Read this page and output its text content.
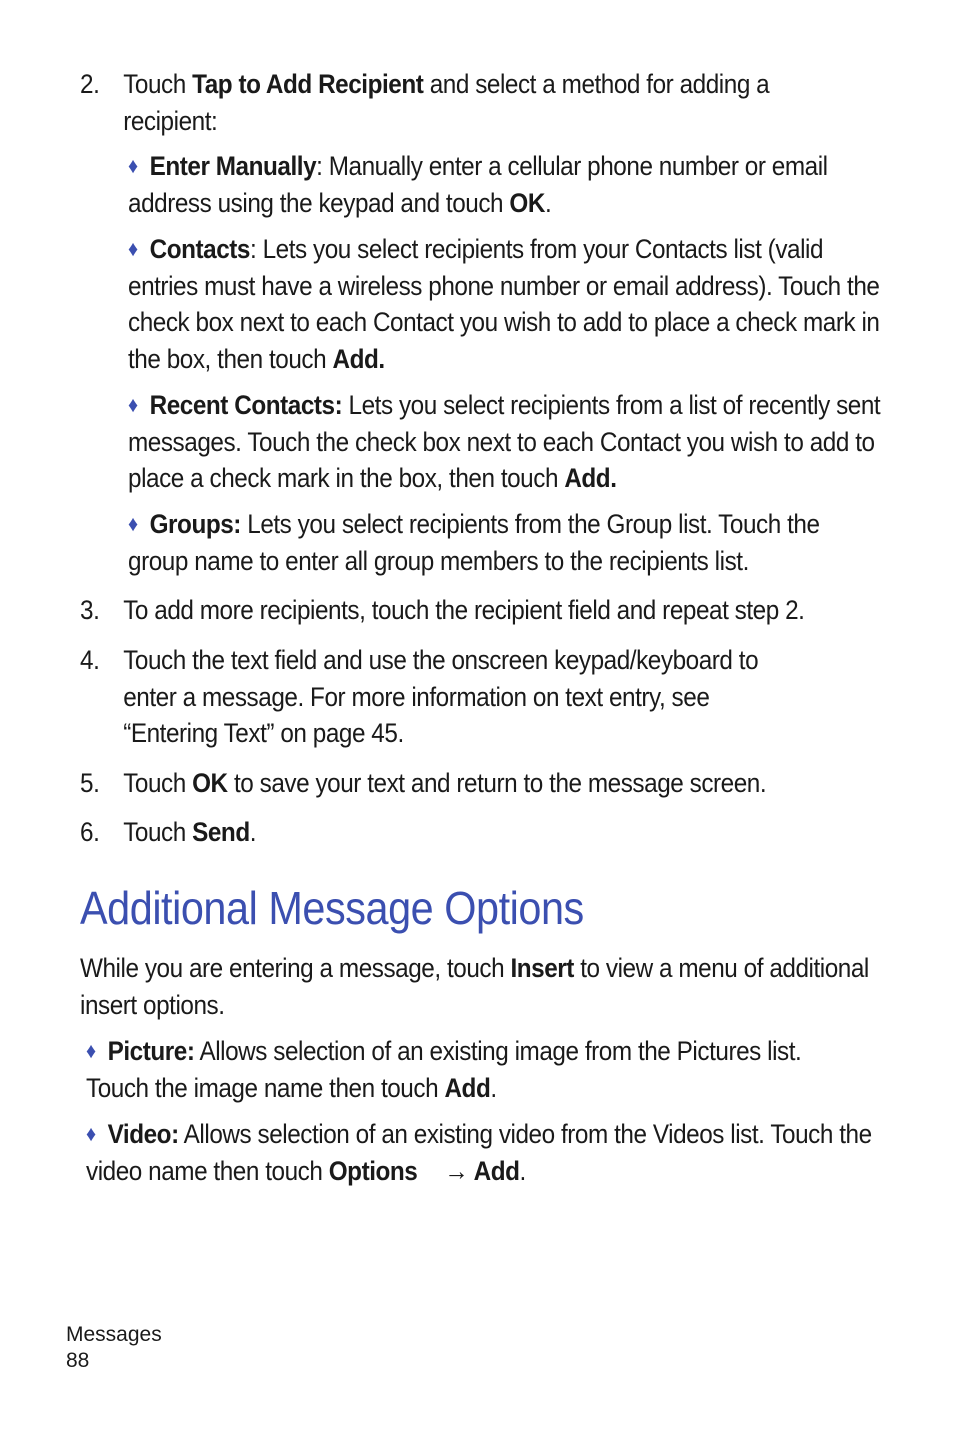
2. Touch Tap to Add Recipient and select a method for adding a recipient:
♦ Enter Manually: Manually enter a cellular phone number or email address using the keypad and touch OK.
♦ Contacts: Lets you select recipients from your Contacts list (valid entries must have a wireless phone number or email address). Touch the check box next to each Contact you wish to add to place a check mark in the box, then touch Add.
♦ Recent Contacts: Lets you select recipients from a list of recently sent messages. Touch the check box next to each Contact you wish to add to place a check mark in the box, then touch Add.
♦ Groups: Lets you select recipients from the Group list. Touch the group name to enter all group members to the recipients list.
3. To add more recipients, touch the recipient field and repeat step 2.
4. Touch the text field and use the onscreen keypad/keyboard to enter a message. For more information on text entry, see “Entering Text” on page 45.
5. Touch OK to save your text and return to the message screen.
6. Touch Send.
Additional Message Options
While you are entering a message, touch Insert to view a menu of additional insert options.
♦ Picture: Allows selection of an existing image from the Pictures list. Touch the image name then touch Add.
♦ Video: Allows selection of an existing video from the Videos list. Touch the video name then touch Options → Add.
Messages
88
